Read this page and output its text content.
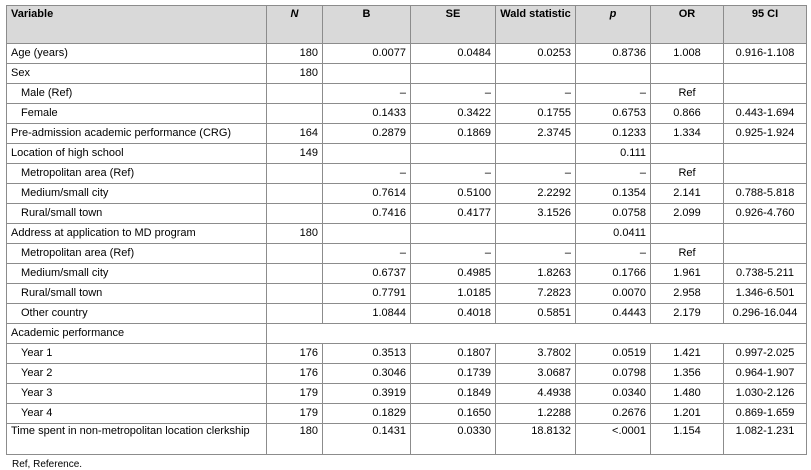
Variable	N	B	SE	Wald statistic	p	OR	95 CI
Age (years)	180	0.0077	0.0484	0.0253	0.8736	1.008	0.916-1.108
Sex	180						
Male (Ref)		–	–	–	–	Ref	
Female		0.1433	0.3422	0.1755	0.6753	0.866	0.443-1.694
Pre-admission academic performance (CRG)	164	0.2879	0.1869	2.3745	0.1233	1.334	0.925-1.924
Location of high school	149				0.111		
Metropolitan area (Ref)		–	–	–	–	Ref	
Medium/small city		0.7614	0.5100	2.2292	0.1354	2.141	0.788-5.818
Rural/small town		0.7416	0.4177	3.1526	0.0758	2.099	0.926-4.760
Address at application to MD program	180				0.0411		
Metropolitan area (Ref)		–	–	–	–	Ref	
Medium/small city		0.6737	0.4985	1.8263	0.1766	1.961	0.738-5.211
Rural/small town		0.7791	1.0185	7.2823	0.0070	2.958	1.346-6.501
Other country		1.0844	0.4018	0.5851	0.4443	2.179	0.296-16.044
Academic performance							
Year 1	176	0.3513	0.1807	3.7802	0.0519	1.421	0.997-2.025
Year 2	176	0.3046	0.1739	3.0687	0.0798	1.356	0.964-1.907
Year 3	179	0.3919	0.1849	4.4938	0.0340	1.480	1.030-2.126
Year 4	179	0.1829	0.1650	1.2288	0.2676	1.201	0.869-1.659
Time spent in non-metropolitan location clerkship	180	0.1431	0.0330	18.8132	<.0001	1.154	1.082-1.231
Ref, Reference.
